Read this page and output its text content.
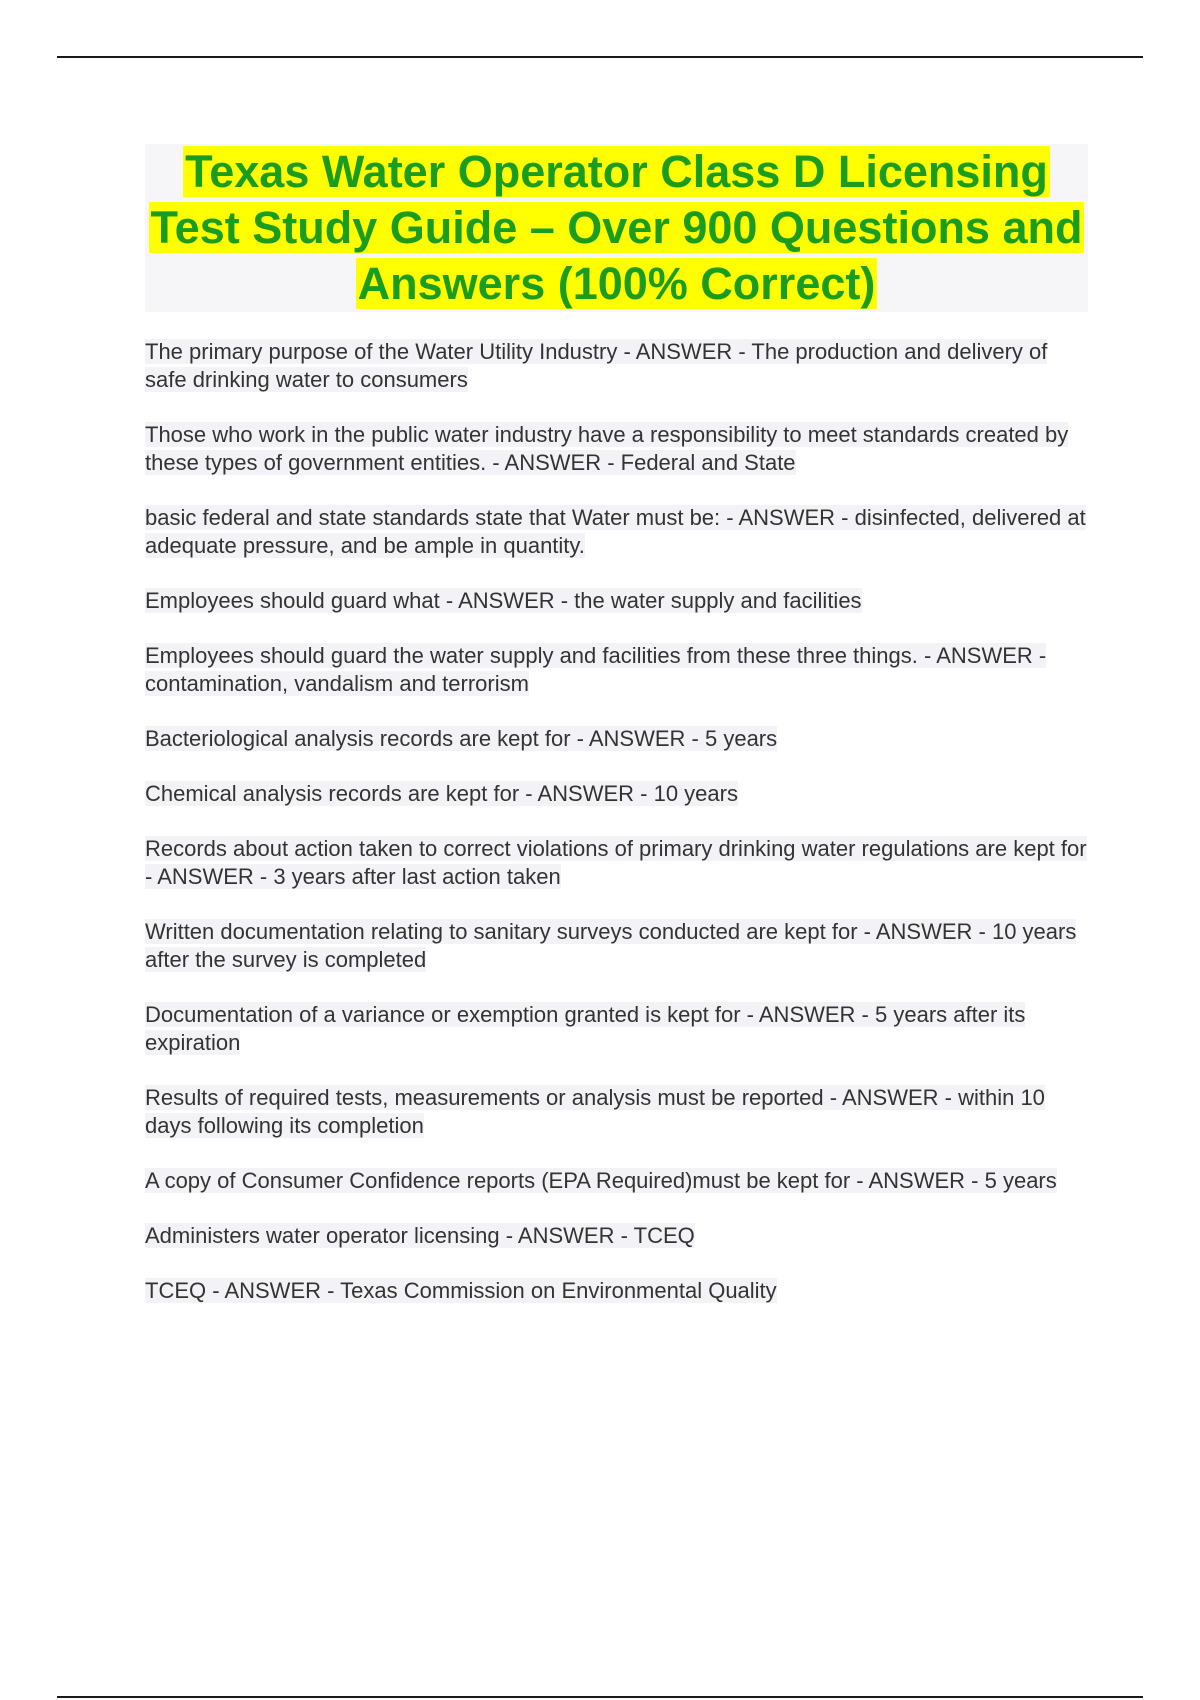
Texas Water Operator Class D Licensing Test Study Guide – Over 900 Questions and Answers (100% Correct)
The primary purpose of the Water Utility Industry - ANSWER - The production and delivery of safe drinking water to consumers
Those who work in the public water industry have a responsibility to meet standards created by these types of government entities. - ANSWER - Federal and State
basic federal and state standards state that Water must be: - ANSWER - disinfected, delivered at adequate pressure, and be ample in quantity.
Employees should guard what - ANSWER - the water supply and facilities
Employees should guard the water supply and facilities from these three things. - ANSWER - contamination, vandalism and terrorism
Bacteriological analysis records are kept for - ANSWER - 5 years
Chemical analysis records are kept for - ANSWER - 10 years
Records about action taken to correct violations of primary drinking water regulations are kept for - ANSWER - 3 years after last action taken
Written documentation relating to sanitary surveys conducted are kept for - ANSWER - 10 years after the survey is completed
Documentation of a variance or exemption granted is kept for - ANSWER - 5 years after its expiration
Results of required tests, measurements or analysis must be reported - ANSWER - within 10 days following its completion
A copy of Consumer Confidence reports (EPA Required)must be kept for - ANSWER - 5 years
Administers water operator licensing - ANSWER - TCEQ
TCEQ - ANSWER - Texas Commission on Environmental Quality
